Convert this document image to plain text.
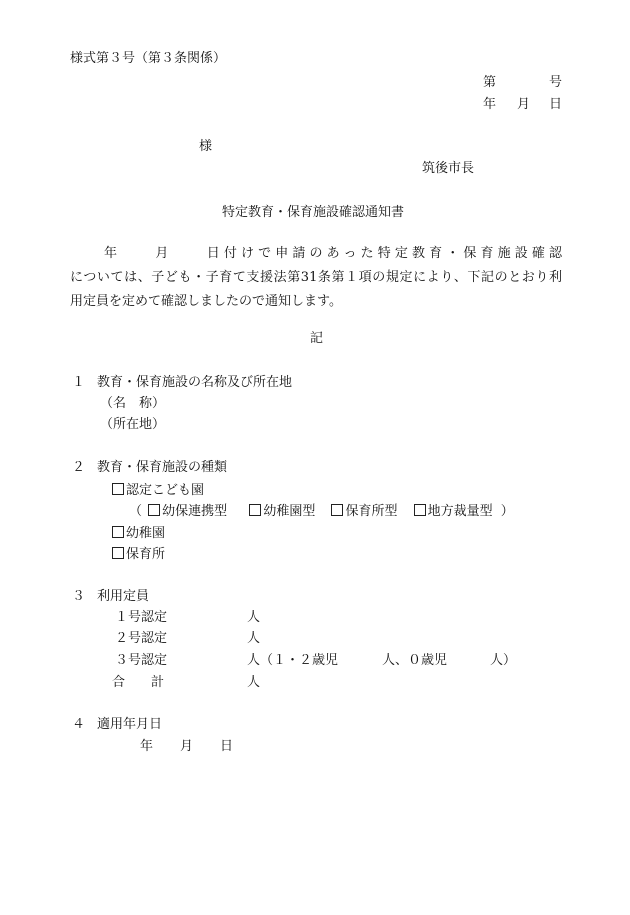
様式第３号（第３条関係）
第	号
年 月 日
様
筑後市長
特定教育・保育施設確認通知書
年　　月　　日付けで申請のあった特定教育・保育施設確認
については、子ども・子育て支援法第31条第１項の規定により、下記のとおり利
用定員を定めて確認しましたので通知します。
記
１ 教育・保育施設の名称及び所在地
（名　称）
（所在地）
２ 教育・保育施設の種類
認定こども園
（ 幼保連携型	幼稚園型 保育所型 地方裁量型 ）
幼稚園
保育所
３ 利用定員
１号認定	人
２号認定	人
３号認定	人 （１・２歳児	人、０歳児	人）
合　　計	人
４ 適用年月日
年 月 日
